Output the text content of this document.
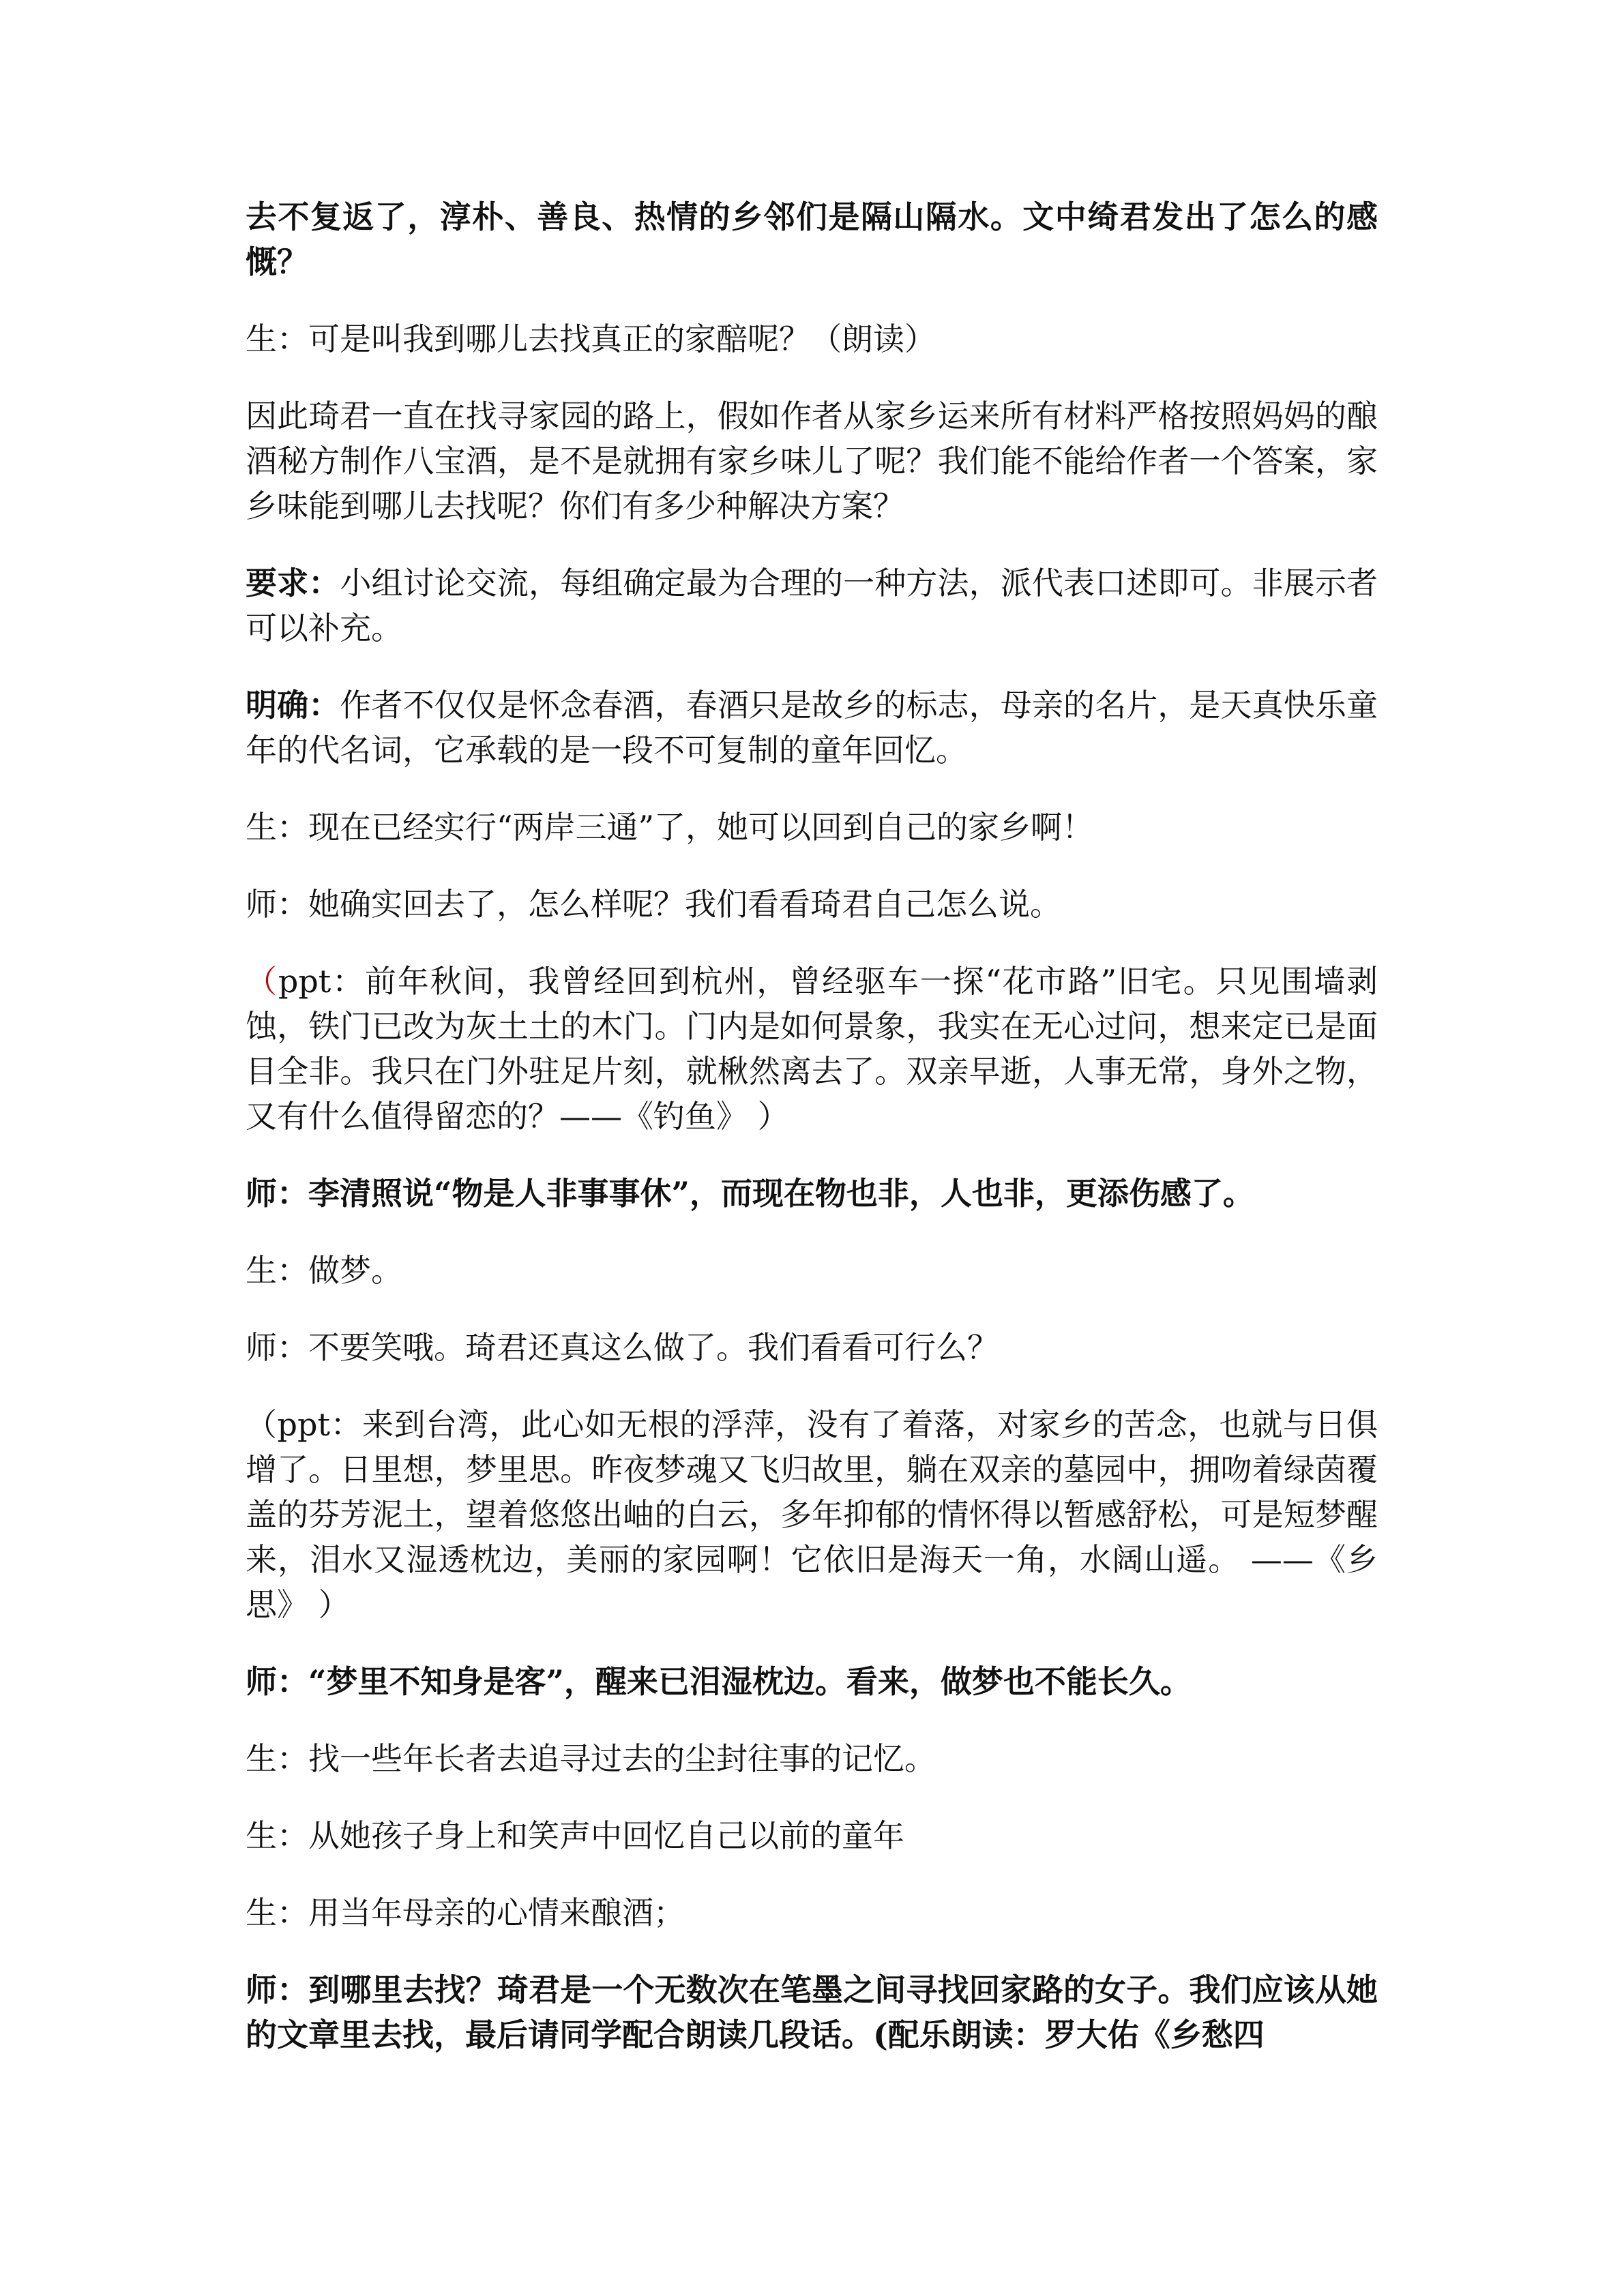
去不复返了，淳朴、善良、热情的乡邻们是隔山隔水。文中绮君发出了怎么的感慨？

生：可是叫我到哪儿去找真正的家醅呢？（朗读）

因此琦君一直在找寻家园的路上，假如作者从家乡运来所有材料严格按照妈妈的酿酒秘方制作八宝酒，是不是就拥有家乡味儿了呢？我们能不能给作者一个答案，家乡味能到哪儿去找呢？你们有多少种解决方案？

要求：小组讨论交流，每组确定最为合理的一种方法，派代表口述即可。非展示者可以补充。

明确：作者不仅仅是怀念春酒，春酒只是故乡的标志，母亲的名片，是天真快乐童年的代名词，它承载的是一段不可复制的童年回忆。

生：现在已经实行“两岸三通”了，她可以回到自己的家乡啊！

师：她确实回去了，怎么样呢？我们看看琦君自己怎么说。

（ppt：前年秋间，我曾经回到杭州，曾经驱车一探“花市路”旧宅。只见围墙剥蚀，铁门已改为灰土土的木门。门内是如何景象，我实在无心过问，想来定已是面目全非。我只在门外驻足片刻，就楸然离去了。双亲早逝，人事无常，身外之物，又有什么值得留恋的？——《钓鱼》 ）

师：李清照说“物是人非事事休”，而现在物也非，人也非，更添伤感了。

生：做梦。

师：不要笑哦。琦君还真这么做了。我们看看可行么？

（ppt：来到台湾，此心如无根的浮萍，没有了着落，对家乡的苦念，也就与日俱增了。日里想，梦里思。昨夜梦魂又飞归故里，躺在双亲的墓园中，拥吻着绿茵覆盖的芬芳泥土，望着悠悠出岫的白云，多年抑郁的情怀得以暂感舒松，可是短梦醒来，泪水又湿透枕边，美丽的家园啊！它依旧是海天一角，水阔山遥。 ——《乡思》 ）

师：“梦里不知身是客”，醒来已泪湿枕边。看来，做梦也不能长久。

生：找一些年长者去追寻过去的尘封往事的记忆。

生：从她孩子身上和笑声中回忆自己以前的童年

生：用当年母亲的心情来酿酒；

师：到哪里去找？琦君是一个无数次在笔墨之间寻找回家路的女子。我们应该从她的文章里去找，最后请同学配合朗读几段话。(配乐朗读：罗大佑《乡愁四
